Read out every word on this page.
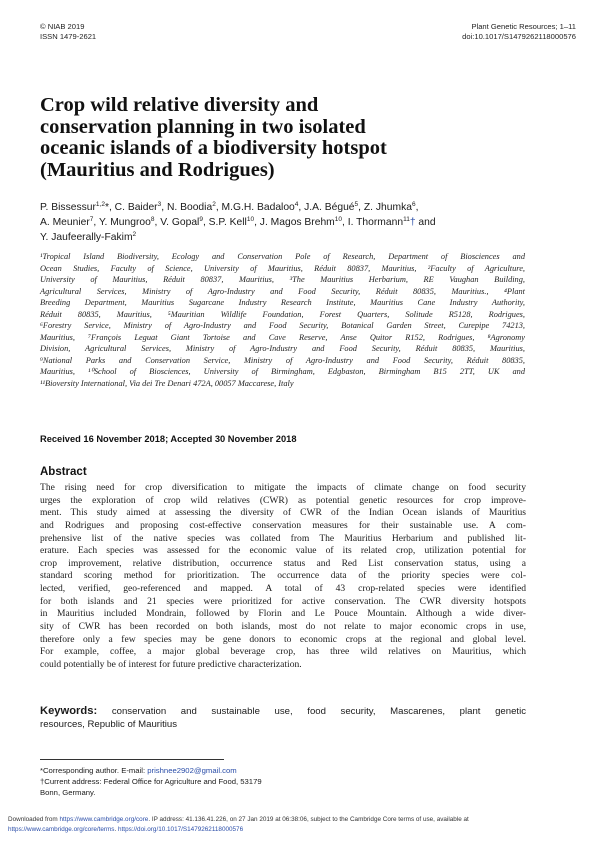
© NIAB 2019
ISSN 1479-2621
Plant Genetic Resources; 1–11
doi:10.1017/S1479262118000576
Crop wild relative diversity and
conservation planning in two isolated
oceanic islands of a biodiversity hotspot
(Mauritius and Rodrigues)
P. Bissessur$^{1,2}$*, C. Baider$^3$, N. Boodia$^2$, M.G.H. Badaloo$^4$, J.A. Bégué$^5$, Z. Jhumka$^6$,
A. Meunier$^7$, Y. Mungroo$^8$, V. Gopal$^9$, S.P. Kell$^{10}$, J. Magos Brehm$^{10}$, I. Thormann$^{11}$† and
Y. Jaufeerally-Fakim$^2$
¹Tropical Island Biodiversity, Ecology and Conservation Pole of Research, Department of Biosciences and
Ocean Studies, Faculty of Science, University of Mauritius, Réduit 80837, Mauritius, ²Faculty of Agriculture,
University of Mauritius, Réduit 80837, Mauritius, ³The Mauritius Herbarium, RE Vaughan Building,
Agricultural Services, Ministry of Agro-Industry and Food Security, Réduit 80835, Mauritius., ⁴Plant
Breeding Department, Mauritius Sugarcane Industry Research Institute, Mauritius Cane Industry Authority,
Réduit 80835, Mauritius, ⁵Mauritian Wildlife Foundation, Forest Quarters, Solitude R5128, Rodrigues,
⁶Forestry Service, Ministry of Agro-Industry and Food Security, Botanical Garden Street, Curepipe 74213,
Mauritius, ⁷François Leguat Giant Tortoise and Cave Reserve, Anse Quitor R152, Rodrigues, ⁸Agronomy
Division, Agricultural Services, Ministry of Agro-Industry and Food Security, Réduit 80835, Mauritius,
⁹National Parks and Conservation Service, Ministry of Agro-Industry and Food Security, Réduit 80835,
Mauritius, ¹⁰School of Biosciences, University of Birmingham, Edgbaston, Birmingham B15 2TT, UK and
¹¹Bioversity International, Via dei Tre Denari 472A, 00057 Maccarese, Italy
Received 16 November 2018; Accepted 30 November 2018
Abstract
The rising need for crop diversification to mitigate the impacts of climate change on food security
urges the exploration of crop wild relatives (CWR) as potential genetic resources for crop improve-
ment. This study aimed at assessing the diversity of CWR of the Indian Ocean islands of Mauritius
and Rodrigues and proposing cost-effective conservation measures for their sustainable use. A com-
prehensive list of the native species was collated from The Mauritius Herbarium and published lit-
erature. Each species was assessed for the economic value of its related crop, utilization potential for
crop improvement, relative distribution, occurrence status and Red List conservation status, using a
standard scoring method for prioritization. The occurrence data of the priority species were col-
lected, verified, geo-referenced and mapped. A total of 43 crop-related species were identified
for both islands and 21 species were prioritized for active conservation. The CWR diversity hotspots
in Mauritius included Mondrain, followed by Florin and Le Pouce Mountain. Although a wide diver-
sity of CWR has been recorded on both islands, most do not relate to major economic crops in use,
therefore only a few species may be gene donors to economic crops at the regional and global level.
For example, coffee, a major global beverage crop, has three wild relatives on Mauritius, which
could potentially be of interest for future predictive characterization.
Keywords: conservation and sustainable use, food security, Mascarenes, plant genetic
resources, Republic of Mauritius
*Corresponding author. E-mail: prishnee2902@gmail.com
†Current address: Federal Office for Agriculture and Food, 53179
Bonn, Germany.
Downloaded from https://www.cambridge.org/core. IP address: 41.136.41.226, on 27 Jan 2019 at 06:38:06, subject to the Cambridge Core terms of use, available at
https://www.cambridge.org/core/terms. https://doi.org/10.1017/S1479262118000576
